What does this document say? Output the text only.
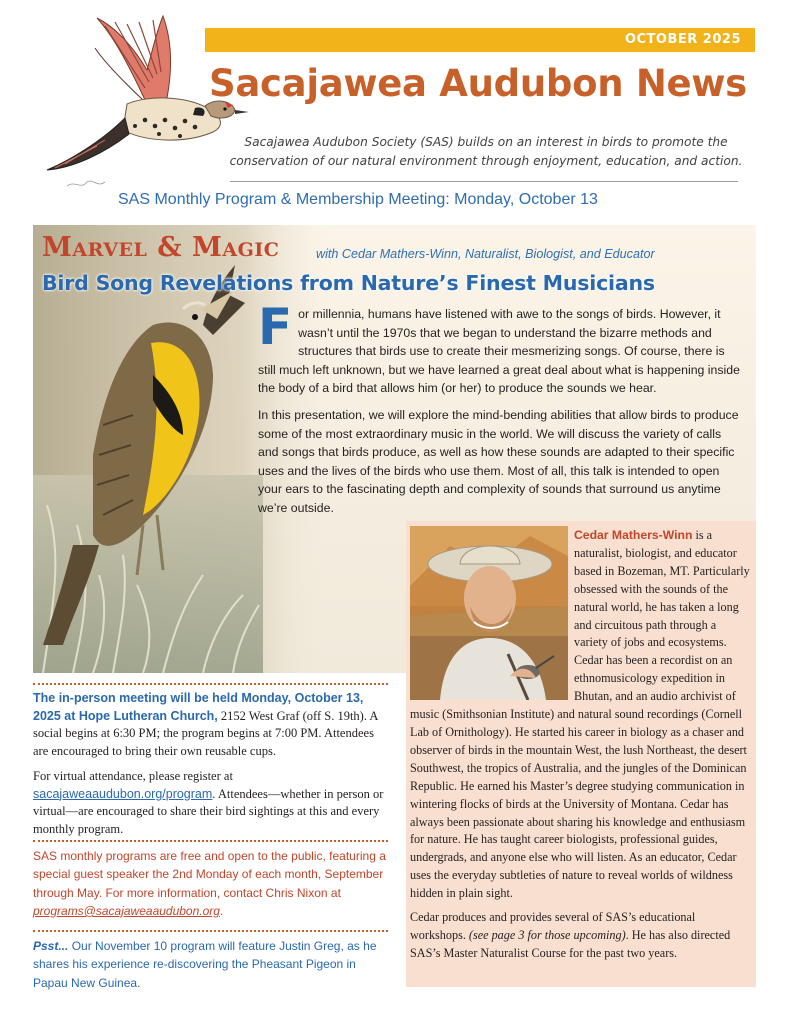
OCTOBER 2025
Sacajawea Audubon News
Sacajawea Audubon Society (SAS) builds on an interest in birds to promote the conservation of our natural environment through enjoyment, education, and action.
SAS Monthly Program & Membership Meeting: Monday, October 13
Marvel & Magic	with Cedar Mathers-Winn, Naturalist, Biologist, and Educator
Bird Song Revelations from Nature’s Finest Musicians

For millennia, humans have listened with awe to the songs of birds. However, it wasn’t until the 1970s that we began to understand the bizarre methods and structures that birds use to create their mesmerizing songs. Of course, there is still much left unknown, but we have learned a great deal about what is happening inside the body of a bird that allows him (or her) to produce the sounds we hear.

In this presentation, we will explore the mind-bending abilities that allow birds to produce some of the most extraordinary music in the world. We will discuss the variety of calls and songs that birds produce, as well as how these sounds are adapted to their specific uses and the lives of the birds who use them. Most of all, this talk is intended to open your ears to the fascinating depth and complexity of sounds that surround us anytime we’re outside.

Cedar Mathers-Winn is a naturalist, biologist, and educator based in Bozeman, MT. Particularly obsessed with the sounds of the natural world, he has taken a long and circuitous path through a variety of jobs and ecosystems. Cedar has been a recordist on an ethnomusicology expedition in Bhutan, and an audio archivist of music (Smithsonian Institute) and natural sound recordings (Cornell Lab of Ornithology). He started his career in biology as a chaser and observer of birds in the mountain West, the lush Northeast, the desert Southwest, the tropics of Australia, and the jungles of the Dominican Republic. He earned his Master’s degree studying communication in wintering flocks of birds at the University of Montana. Cedar has always been passionate about sharing his knowledge and enthusiasm for nature. He has taught career biologists, professional guides, undergrads, and anyone else who will listen. As an educator, Cedar uses the everyday subtleties of nature to reveal worlds of wildness hidden in plain sight.

Cedar produces and provides several of SAS’s educational workshops. (see page 3 for those upcoming). He has also directed SAS’s Master Naturalist Course for the past two years.

The in-person meeting will be held Monday, October 13, 2025 at Hope Lutheran Church, 2152 West Graf (off S. 19th). A social begins at 6:30 PM; the program begins at 7:00 PM. Attendees are encouraged to bring their own reusable cups.
For virtual attendance, please register at sacajaweaaudubon.org/program. Attendees—whether in person or virtual—are encouraged to share their bird sightings at this and every monthly program.
SAS monthly programs are free and open to the public, featuring a special guest speaker the 2nd Monday of each month, September through May. For more information, contact Chris Nixon at programs@sacajaweaaudubon.org.
Psst... Our November 10 program will feature Justin Greg, as he shares his experience re-discovering the Pheasant Pigeon in Papau New Guinea.
